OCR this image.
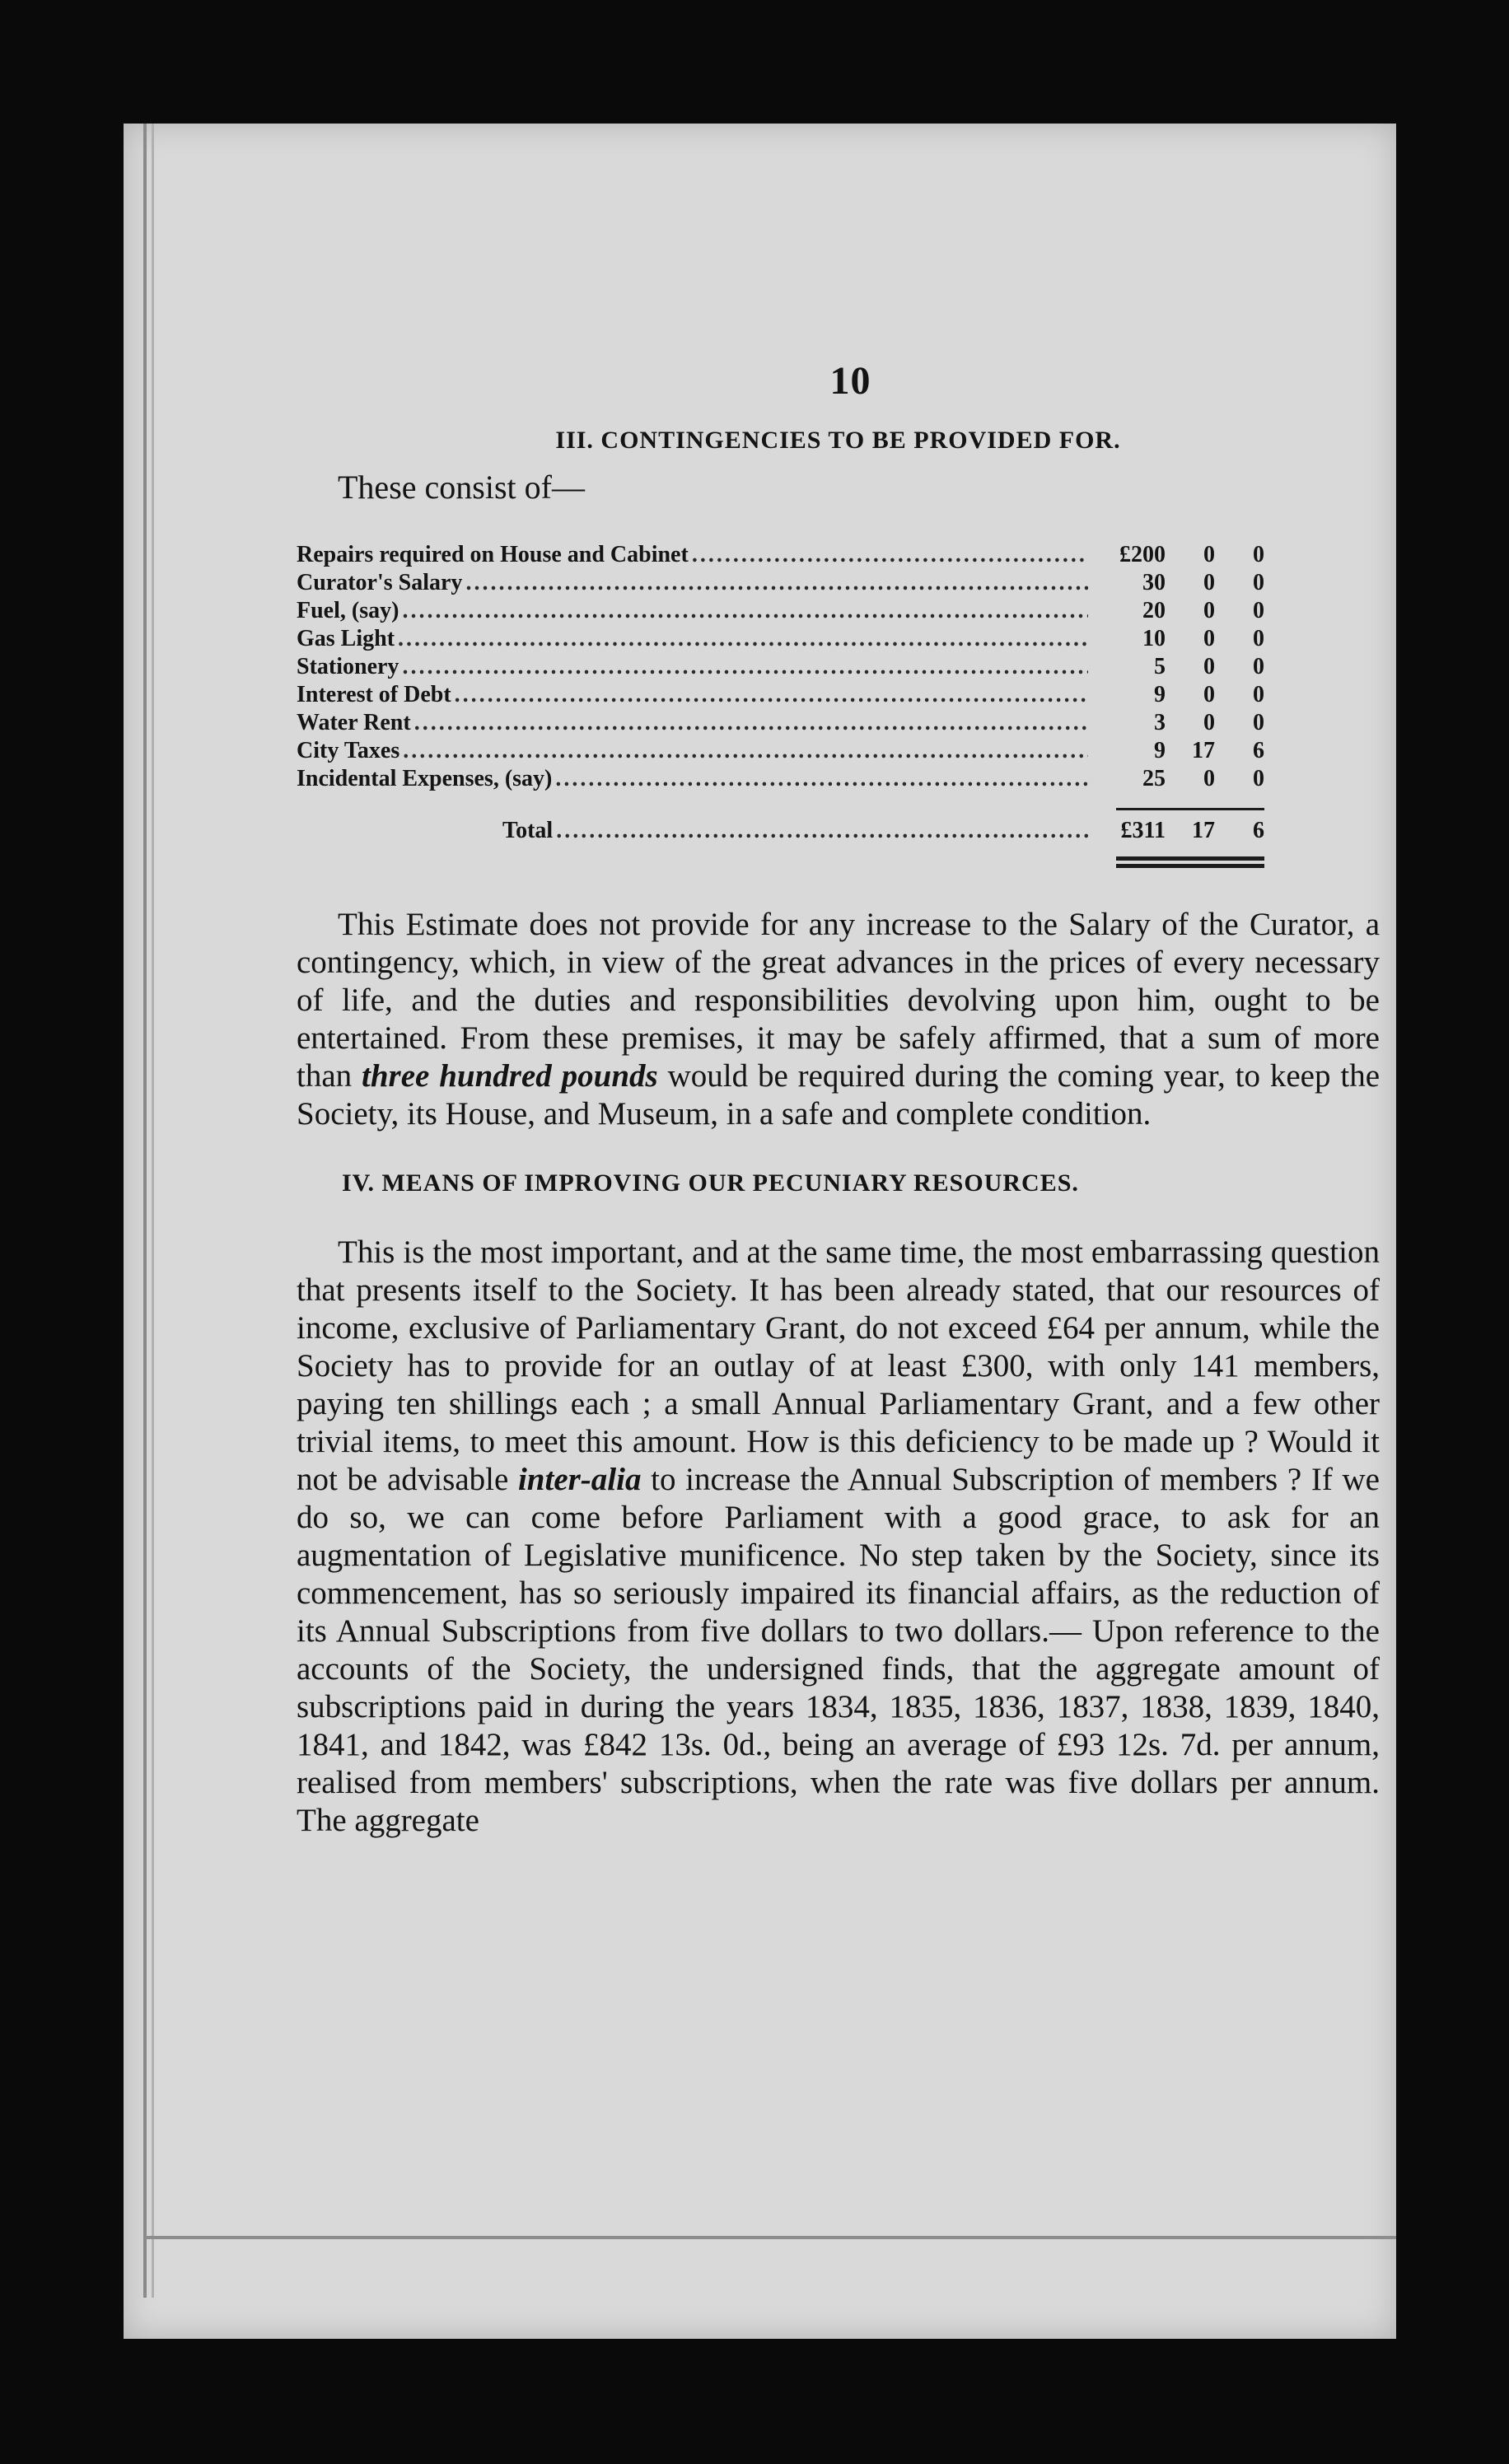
10
III. CONTINGENCIES TO BE PROVIDED FOR.
These consist of—
Repairs required on House and Cabinet .....	£200	0	0
Curator's Salary .....	30	0	0
Fuel, (say) .....	20	0	0
Gas Light .....	10	0	0
Stationery .....	5	0	0
Interest of Debt .....	9	0	0
Water Rent .....	3	0	0
City Taxes .....	9	17	6
Incidental Expenses, (say) .....	25	0	0
Total .....	£311	17	6

This Estimate does not provide for any increase to the Salary of the Curator, a contingency, which, in view of the great advances in the prices of every necessary of life, and the duties and responsibilities devolving upon him, ought to be entertained. From these premises, it may be safely affirmed, that a sum of more than three hundred pounds would be required during the coming year, to keep the Society, its House, and Museum, in a safe and complete condition.

IV. MEANS OF IMPROVING OUR PECUNIARY RESOURCES.

This is the most important, and at the same time, the most embarrassing question that presents itself to the Society. It has been already stated, that our resources of income, exclusive of Parliamentary Grant, do not exceed £64 per annum, while the Society has to provide for an outlay of at least £300, with only 141 members, paying ten shillings each ; a small Annual Parliamentary Grant, and a few other trivial items, to meet this amount. How is this deficiency to be made up ? Would it not be advisable inter-alia to increase the Annual Subscription of members ? If we do so, we can come before Parliament with a good grace, to ask for an augmentation of Legislative munificence. No step taken by the Society, since its commencement, has so seriously impaired its financial affairs, as the reduction of its Annual Subscriptions from five dollars to two dollars.— Upon reference to the accounts of the Society, the undersigned finds, that the aggregate amount of subscriptions paid in during the years 1834, 1835, 1836, 1837, 1838, 1839, 1840, 1841, and 1842, was £842 13s. 0d., being an average of £93 12s. 7d. per annum, realised from members' subscriptions, when the rate was five dollars per annum. The aggregate
